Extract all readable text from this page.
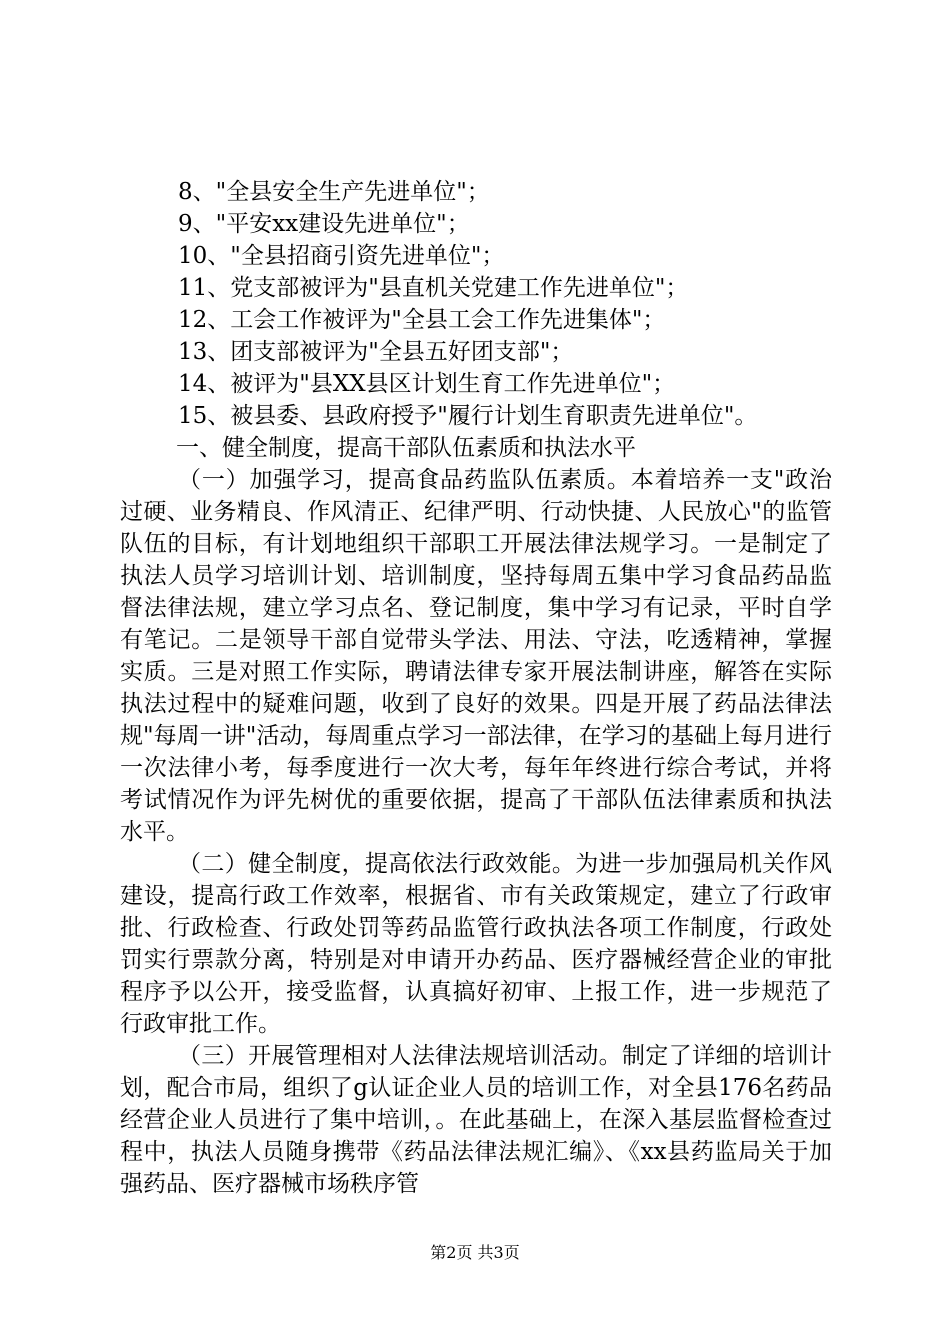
8、"全县安全生产先进单位"；
9、"平安xx建设先进单位"；
10、"全县招商引资先进单位"；
11、党支部被评为"县直机关党建工作先进单位"；
12、工会工作被评为"全县工会工作先进集体"；
13、团支部被评为"全县五好团支部"；
14、被评为"县XX县区计划生育工作先进单位"；
15、被县委、县政府授予"履行计划生育职责先进单位"。
一、健全制度，提高干部队伍素质和执法水平

（一）加强学习，提高食品药监队伍素质。本着培养一支"政治过硬、业务精良、作风清正、纪律严明、行动快捷、人民放心"的监管队伍的目标，有计划地组织干部职工开展法律法规学习。一是制定了执法人员学习培训计划、培训制度，坚持每周五集中学习食品药品监督法律法规，建立学习点名、登记制度，集中学习有记录，平时自学有笔记。二是领导干部自觉带头学法、用法、守法，吃透精神，掌握实质。三是对照工作实际，聘请法律专家开展法制讲座，解答在实际执法过程中的疑难问题，收到了良好的效果。四是开展了药品法律法规"每周一讲"活动，每周重点学习一部法律，在学习的基础上每月进行一次法律小考，每季度进行一次大考，每年年终进行综合考试，并将考试情况作为评先树优的重要依据，提高了干部队伍法律素质和执法水平。

（二）健全制度，提高依法行政效能。为进一步加强局机关作风建设，提高行政工作效率，根据省、市有关政策规定，建立了行政审批、行政检查、行政处罚等药品监管行政执法各项工作制度，行政处罚实行票款分离，特别是对申请开办药品、医疗器械经营企业的审批程序予以公开，接受监督，认真搞好初审、上报工作，进一步规范了行政审批工作。

（三）开展管理相对人法律法规培训活动。制定了详细的培训计划，配合市局，组织了g认证企业人员的培训工作，对全县176名药品经营企业人员进行了集中培训，。在此基础上，在深入基层监督检查过程中，执法人员随身携带《药品法律法规汇编》、《xx县药监局关于加强药品、医疗器械市场秩序管

第2页 共3页
